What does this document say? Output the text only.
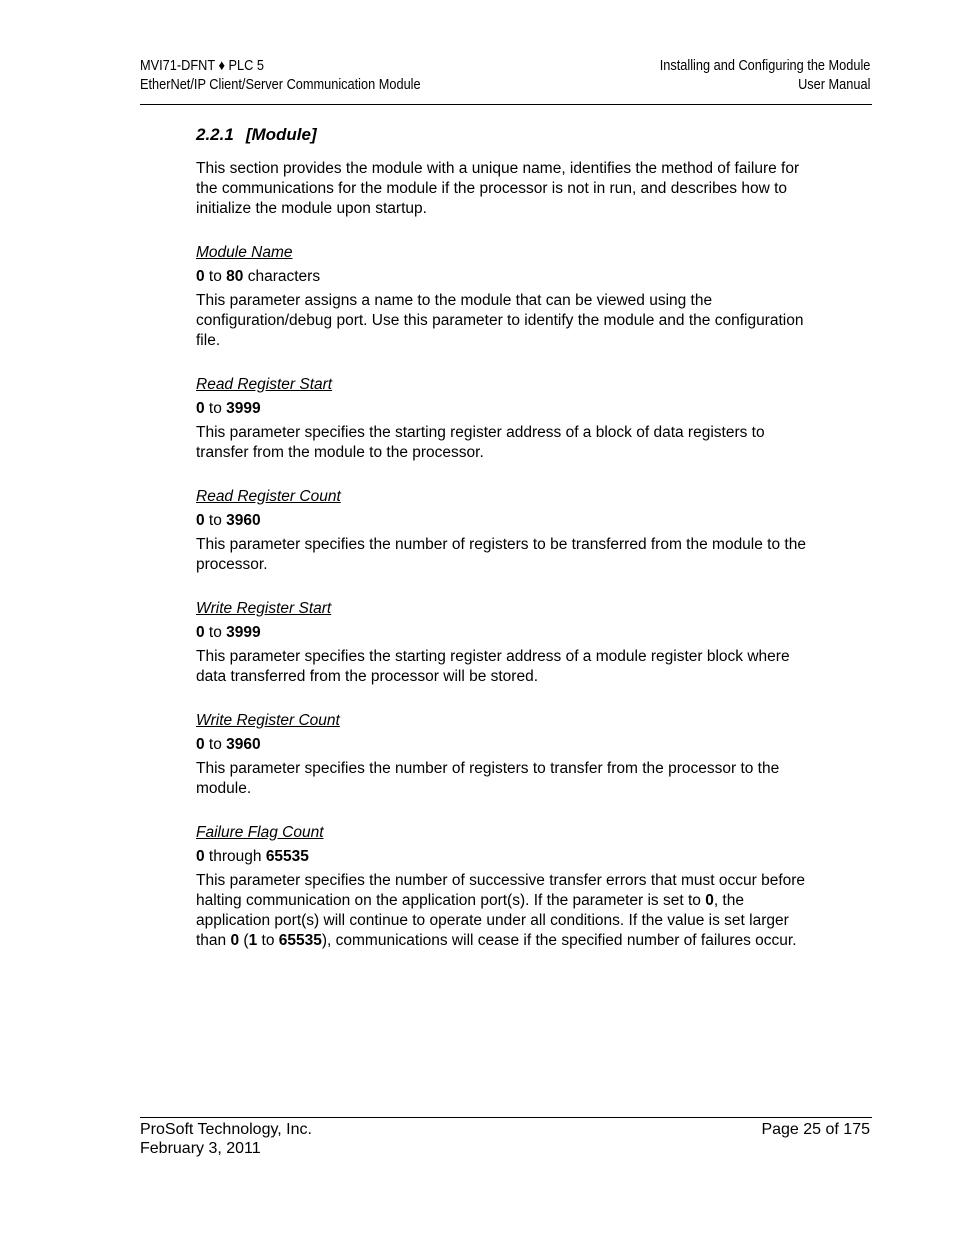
MVI71-DFNT ♦ PLC 5
EtherNet/IP Client/Server Communication Module
Installing and Configuring the Module
User Manual
2.2.1 [Module]

This section provides the module with a unique name, identifies the method of failure for the communications for the module if the processor is not in run, and describes how to initialize the module upon startup.

Module Name
0 to 80 characters

This parameter assigns a name to the module that can be viewed using the configuration/debug port. Use this parameter to identify the module and the configuration file.

Read Register Start
0 to 3999

This parameter specifies the starting register address of a block of data registers to transfer from the module to the processor.

Read Register Count
0 to 3960

This parameter specifies the number of registers to be transferred from the module to the processor.

Write Register Start
0 to 3999

This parameter specifies the starting register address of a module register block where data transferred from the processor will be stored.

Write Register Count
0 to 3960

This parameter specifies the number of registers to transfer from the processor to the module.

Failure Flag Count
0 through 65535

This parameter specifies the number of successive transfer errors that must occur before halting communication on the application port(s). If the parameter is set to 0, the application port(s) will continue to operate under all conditions. If the value is set larger than 0 (1 to 65535), communications will cease if the specified number of failures occur.

ProSoft Technology, Inc.
February 3, 2011
Page 25 of 175
